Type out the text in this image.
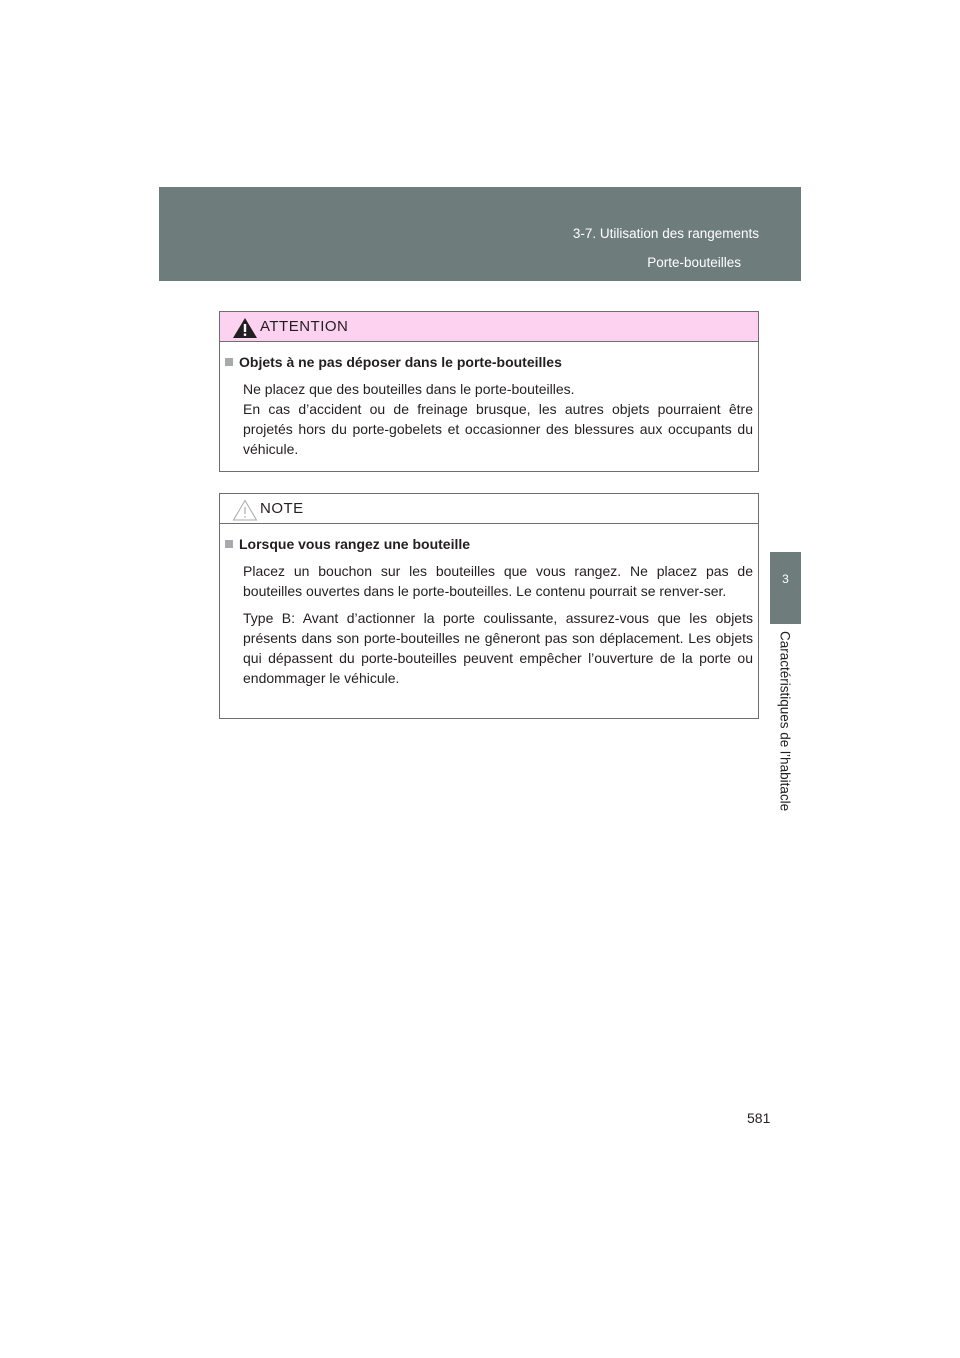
3-7. Utilisation des rangements
Porte-bouteilles
3
Caractéristiques de l’habitacle
ATTENTION
Objets à ne pas déposer dans le porte-bouteilles

Ne placez que des bouteilles dans le porte-bouteilles.

En cas d’accident ou de freinage brusque, les autres objets pourraient être projetés hors du porte-gobelets et occasionner des blessures aux occupants du véhicule.

NOTE
Lorsque vous rangez une bouteille

Placez un bouchon sur les bouteilles que vous rangez. Ne placez pas de bouteilles ouvertes dans le porte-bouteilles. Le contenu pourrait se renver-ser.

Type B: Avant d’actionner la porte coulissante, assurez-vous que les objets présents dans son porte-bouteilles ne gêneront pas son déplacement. Les objets qui dépassent du porte-bouteilles peuvent empêcher l’ouverture de la porte ou endommager le véhicule.

581
